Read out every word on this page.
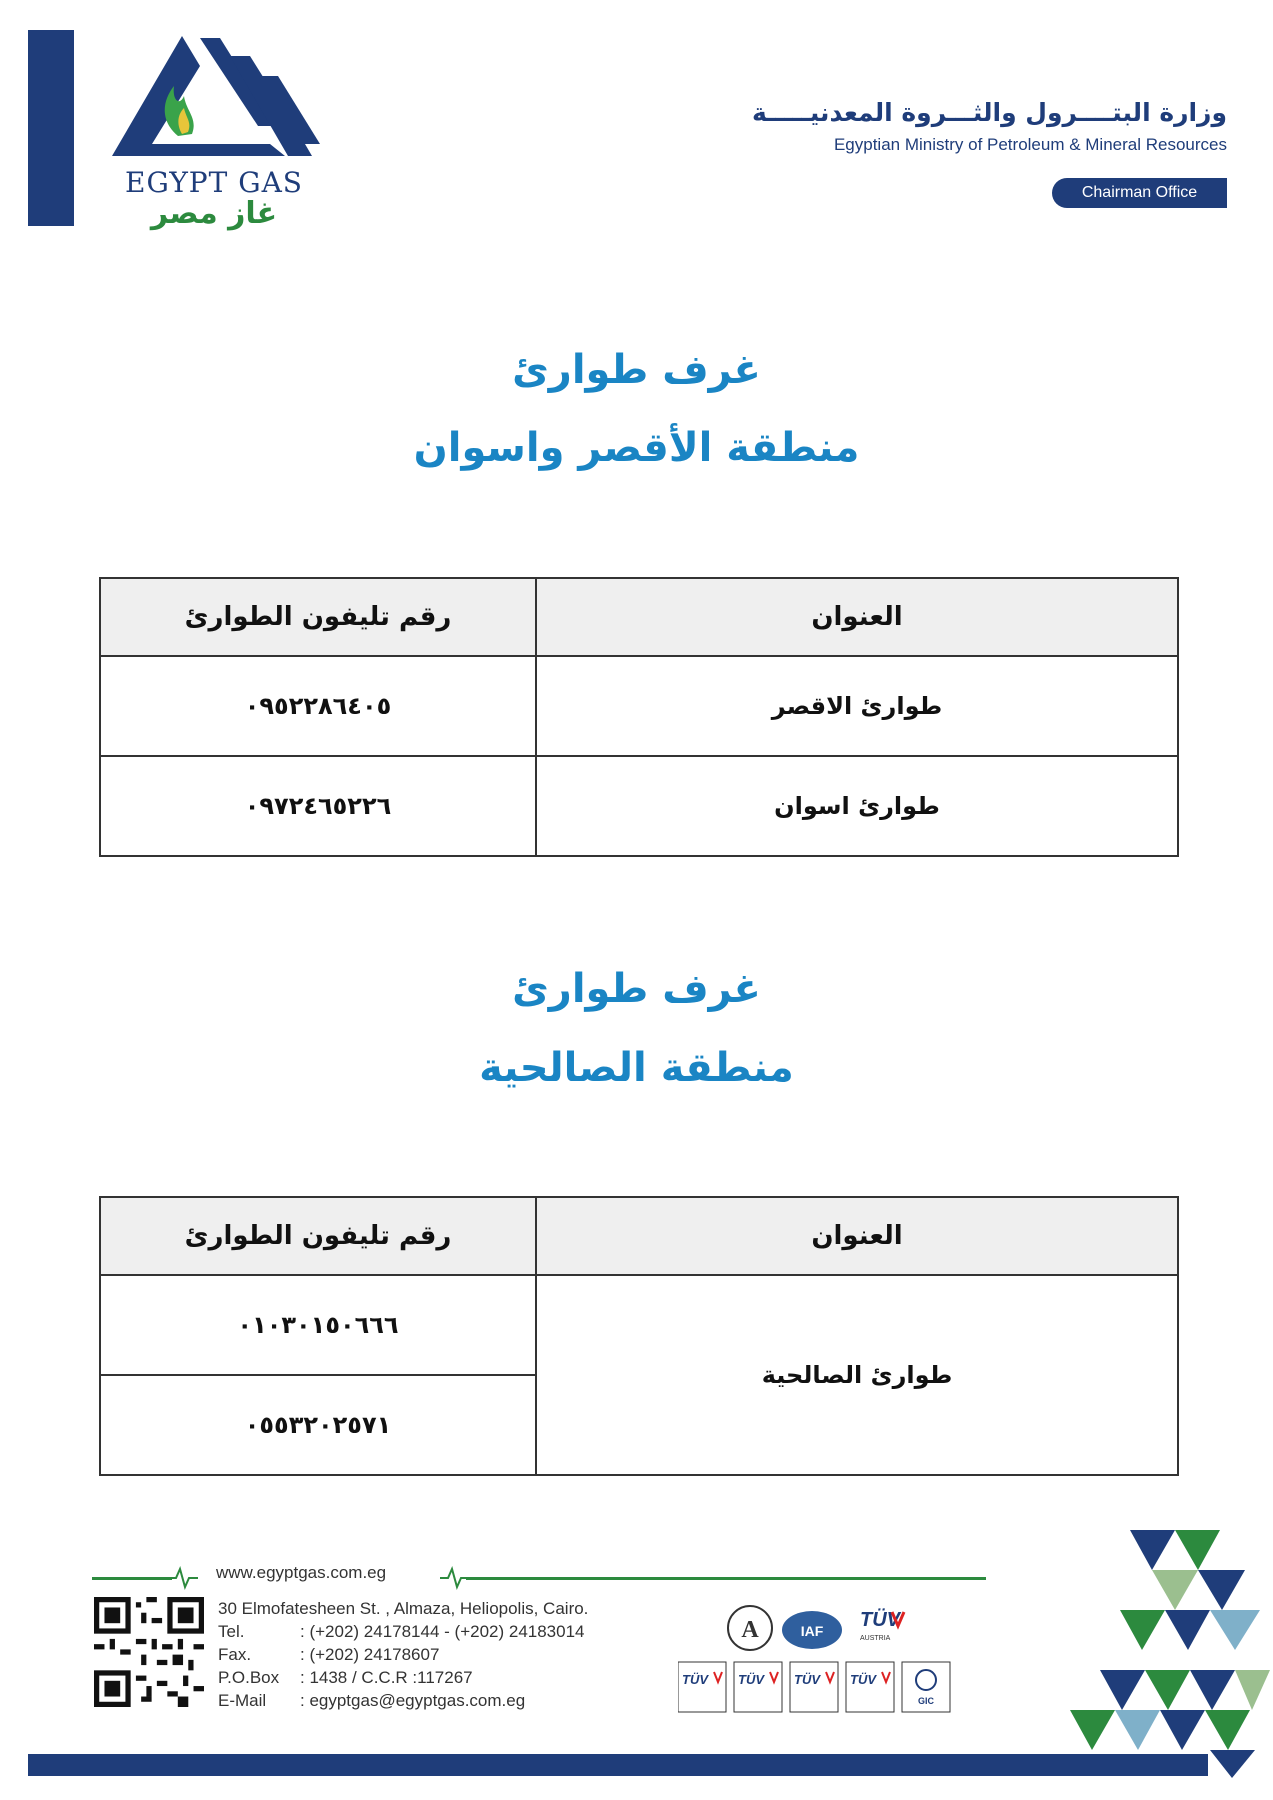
EGYPT GAS
غاز مصر
وزارة البتــــرول والثـــروة المعدنيـــــة
Egyptian Ministry of Petroleum & Mineral Resources
Chairman Office
غرف طوارئ
منطقة الأقصر واسوان
رقم تليفون الطوارئ	العنوان
٠٩٥٢٢٨٦٤٠٥	طوارئ الاقصر
٠٩٧٢٤٦٥٢٢٦	طوارئ اسوان
غرف طوارئ
منطقة الصالحية
رقم تليفون الطوارئ	العنوان
٠١٠٣٠١٥٠٦٦٦	طوارئ الصالحية
٠٥٥٣٢٠٢٥٧١	
www.egyptgas.com.eg
30 Elmofatesheen St. , Almaza, Heliopolis, Cairo.
Tel.	: (+202) 24178144 - (+202) 24183014
Fax.	: (+202) 24178607
P.O.Box : 1438 / C.C.R :117267
E-Mail : egyptgas@egyptgas.com.eg
A	IAF TÜV
AUSTRIA
TÜV TÜV TÜV TÜV
GIC
